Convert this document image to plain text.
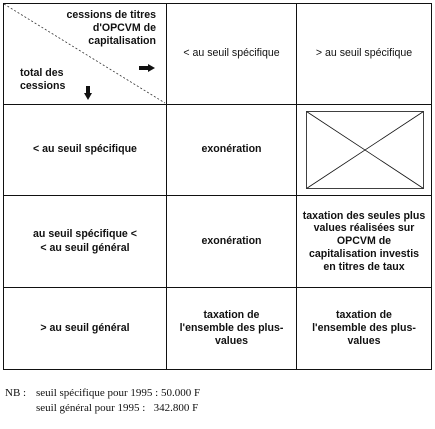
cessions de titres
d'OPCVM de
capitalisation
total des
cessions
< au seuil spécifique	> au seuil spécifique
< au seuil spécifique	exonération
au seuil spécifique <
< au seuil général
exonération
taxation des seules plus
values réalisées sur
OPCVM de
capitalisation investis
en titres de taux
> au seuil général
taxation de
l'ensemble des plus-
values
taxation de
l'ensemble des plus-
values
NB : seuil spécifique pour 1995 : 50.000 F
seuil général pour 1995 :   342.800 F
